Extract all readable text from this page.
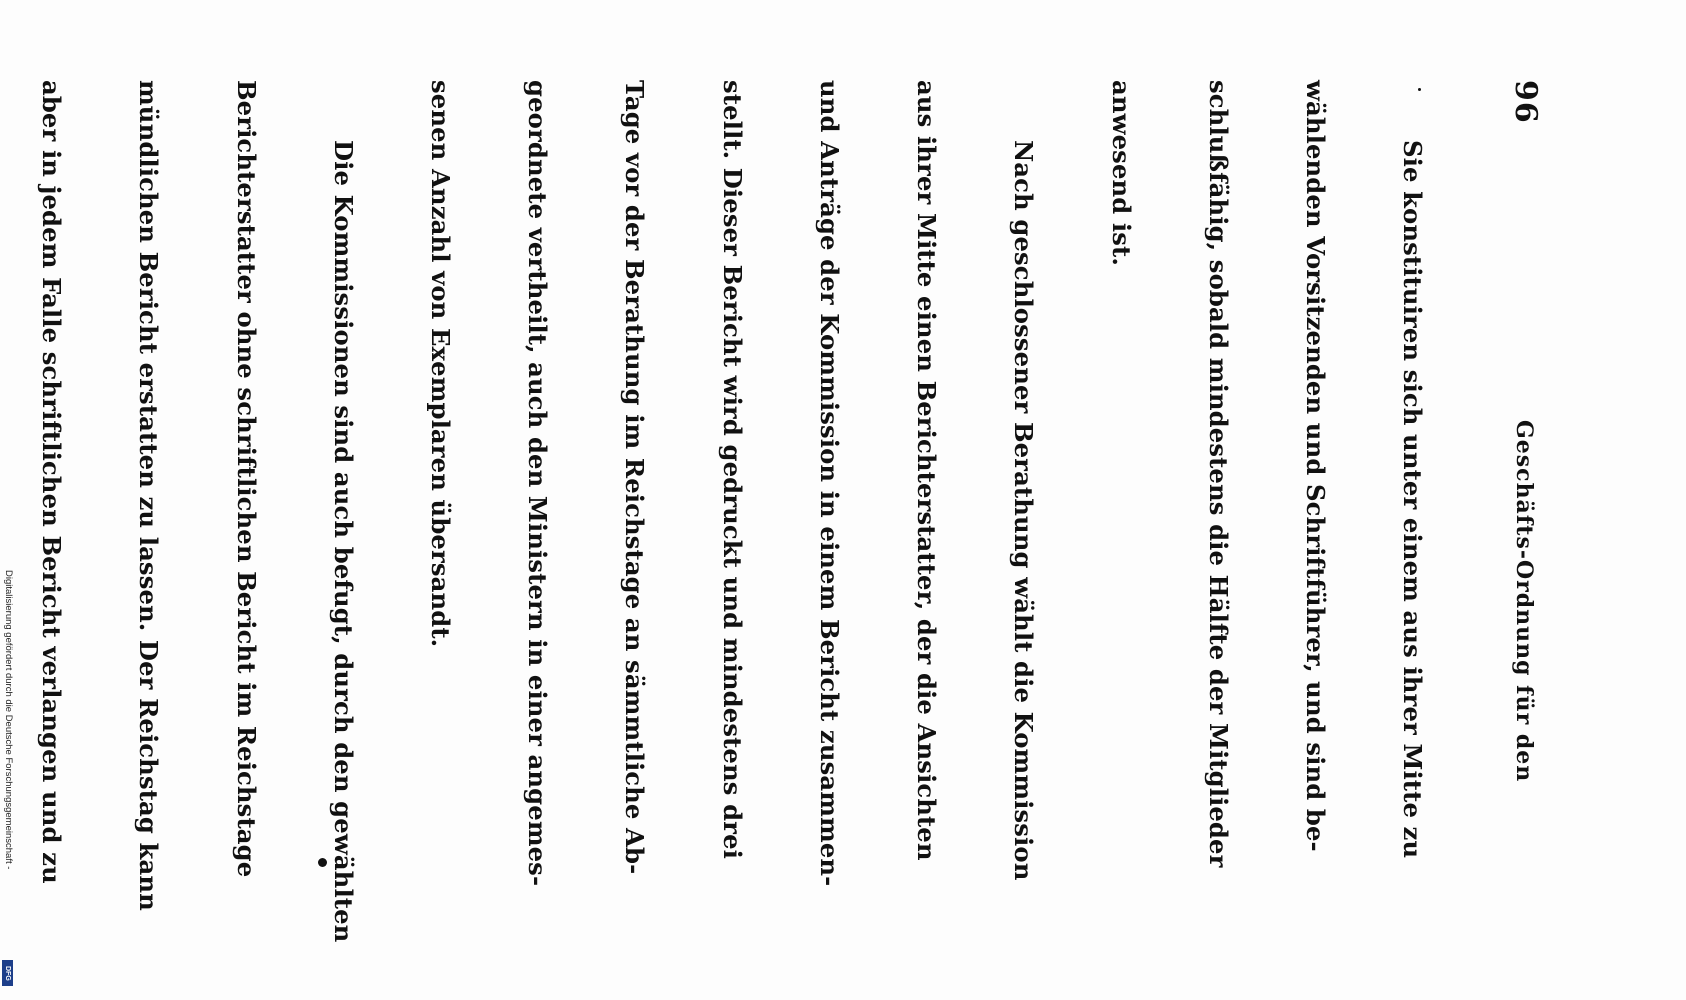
96
Geschäfts-Ordnung für den

Sie konstituiren sich unter einem aus ihrer Mitte zu

wählenden Vorsitzenden und Schriftführer, und sind be-

schlußfähig, sobald mindestens die Hälfte der Mitglieder

anwesend ist.

Nach geschlossener Berathung wählt die Kommission

aus ihrer Mitte einen Berichterstatter, der die Ansichten

und Anträge der Kommission in einem Bericht zusammen-

stellt. Dieser Bericht wird gedruckt und mindestens drei

Tage vor der Berathung im Reichstage an sämmtliche Ab-

geordnete vertheilt, auch den Ministern in einer angemes-

senen Anzahl von Exemplaren übersandt.

Die Kommissionen sind auch befugt, durch den gewählten

Berichterstatter ohne schriftlichen Bericht im Reichstage

mündlichen Bericht erstatten zu lassen. Der Reichstag kann

aber in jedem Falle schriftlichen Bericht verlangen und zu

Digitalisierung gefördert durch die Deutsche Forschungsgemeinschaft -
DFG
